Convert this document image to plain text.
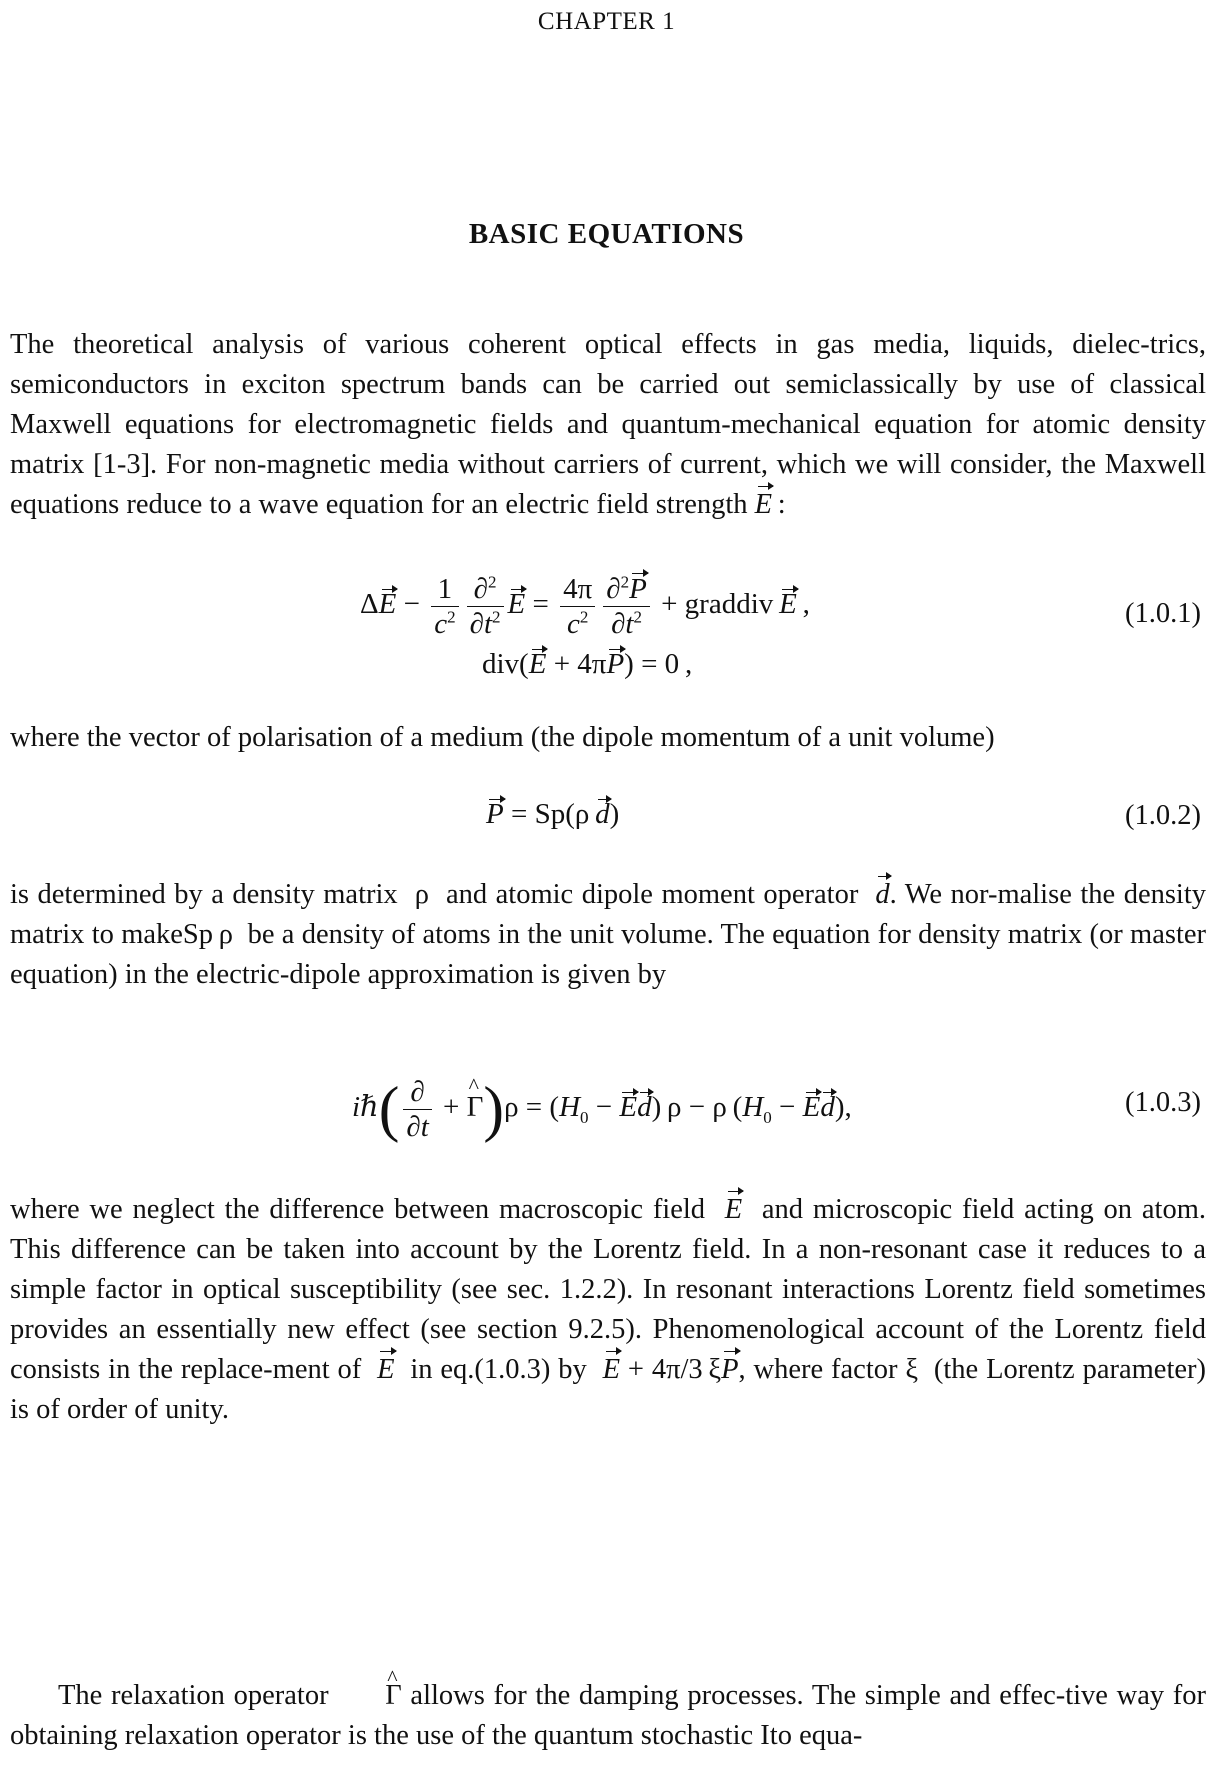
CHAPTER 1
BASIC EQUATIONS
The theoretical analysis of various coherent optical effects in gas media, liquids, dielec-trics, semiconductors in exciton spectrum bands can be carried out semiclassically by use of classical Maxwell equations for electromagnetic fields and quantum-mechanical equation for atomic density matrix [1-3]. For non-magnetic media without carriers of current, which we will consider, the Maxwell equations reduce to a wave equation for an electric field strength E :
$\Delta E - \frac{1}{c^2} \frac{\partial^2}{\partial t^2}$ $E = \frac{4\pi}{c^2} \frac{\partial^2P}{\partial t^2}$ + graddiv E ,	(1.0.1)
div(E + 4πP) = 0 ,
where the vector of polarisation of a medium (the dipole momentum of a unit volume)
P = Sp(ρ d)	(1.0.2)
is determined by a density matrix  ρ  and atomic dipole moment operator d. We nor-malise the density matrix to makeSp ρ  be a density of atoms in the unit volume. The equation for density matrix (or master equation) in the electric-dipole approximation is given by
iℏ( $\frac{\partial}{\partial t} + \Gamma$ ^)ρ = $(H_0 - Ed) \rho - \rho$ $(H_0 - Ed)$,	(1.0.3)
where we neglect the difference between macroscopic field E and microscopic field acting on atom. This difference can be taken into account by the Lorentz field. In a non-resonant case it reduces to a simple factor in optical susceptibility (see sec. 1.2.2). In resonant interactions Lorentz field sometimes provides an essentially new effect (see section 9.2.5). Phenomenological account of the Lorentz field consists in the replace-ment of E in eq.(1.0.3) by E + 4π/3 ξP, where factor ξ  (the Lorentz parameter) is of order of unity.
The relaxation operator Γ ^ allows for the damping processes. The simple and effec-tive way for obtaining relaxation operator is the use of the quantum stochastic Ito equa-
